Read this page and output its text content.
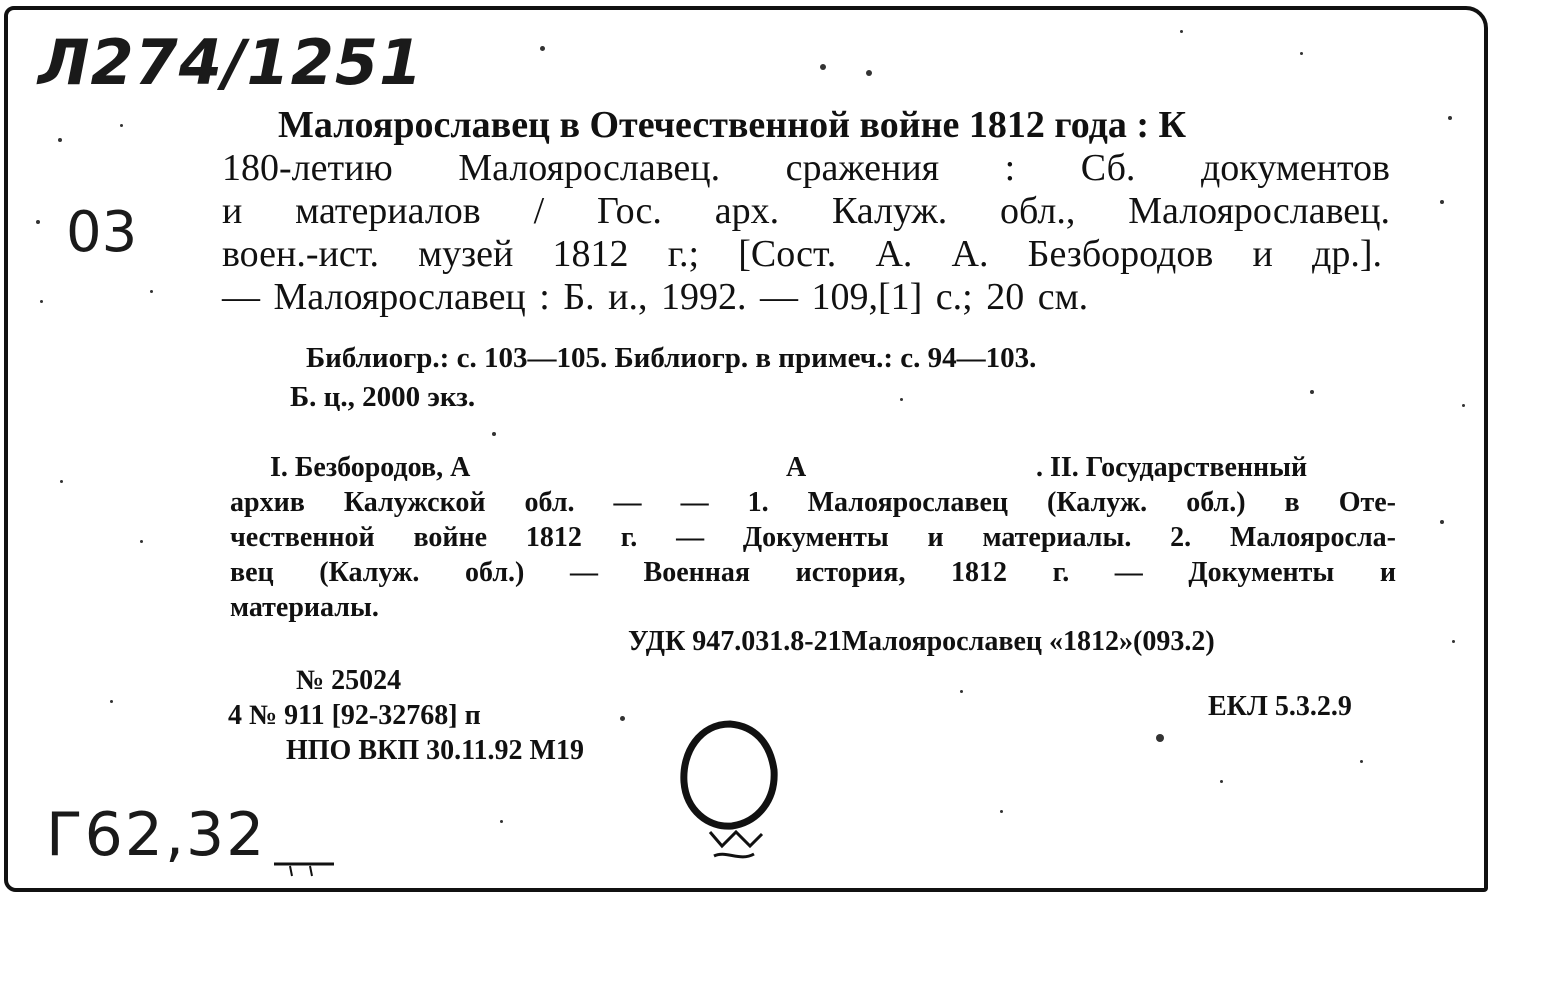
Л274/1251
03
Г62,32
Малоярославец в Отечественной войне 1812 года : К
180-летию Малоярославец. сражения : Сб. документов
и материалов / Гос. арх. Калуж. обл., Малоярославец.
воен.-ист. музей 1812 г.; [Сост. А. А. Безбородов и др.].
— Малоярославец : Б. и., 1992. — 109,[1] с.; 20 см.
Библиогр.: с. 103—105. Библиогр. в примеч.: с. 94—103.
Б. ц., 2000 экз.
I. Безбородов, А	А	. II. Государственный
архив Калужской обл. — — 1. Малоярославец (Калуж. обл.) в Оте-
чественной войне 1812 г. — Документы и материалы. 2. Малояросла-
вец (Калуж. обл.) — Военная история, 1812 г. — Документы и
материалы.
УДК 947.031.8-21Малоярославец «1812»(093.2)
ЕКЛ 5.3.2.9
№ 25024
4 № 911 [92-32768] п
НПО ВКП 30.11.92 М19
